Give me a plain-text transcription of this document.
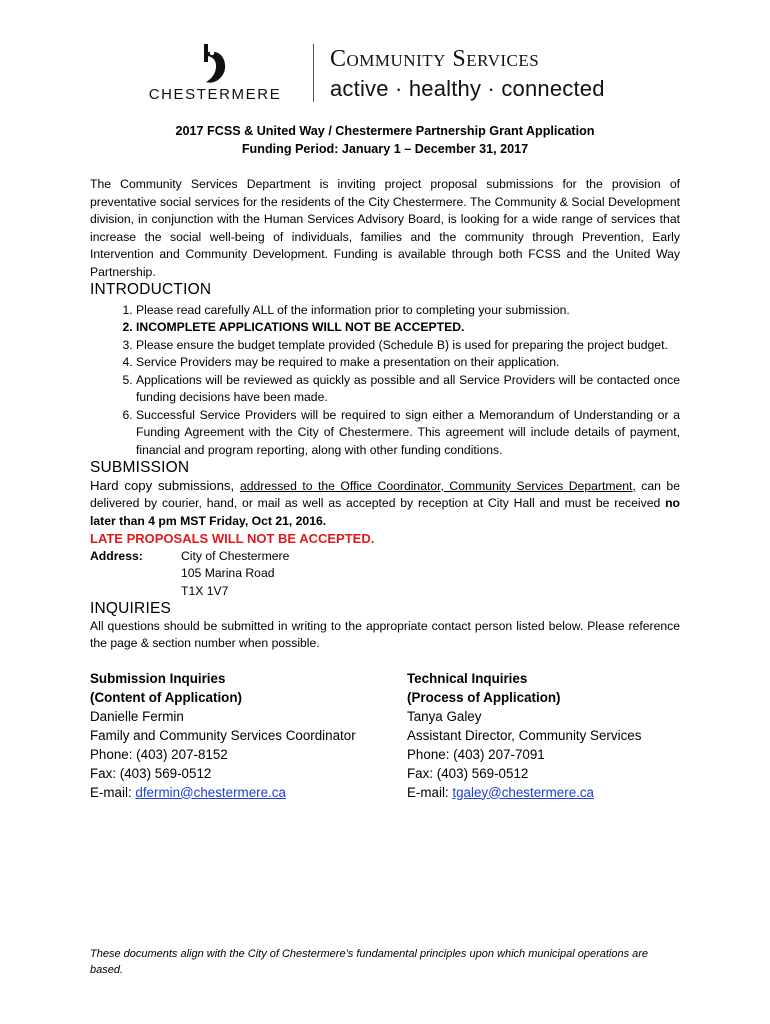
CHESTERMERE
Community Services
active · healthy · connected
2017 FCSS & United Way / Chestermere Partnership Grant Application
Funding Period: January 1 – December 31, 2017

The Community Services Department is inviting project proposal submissions for the provision of preventative social services for the residents of the City Chestermere. The Community & Social Development division, in conjunction with the Human Services Advisory Board, is looking for a wide range of services that increase the social well-being of individuals, families and the community through Prevention, Early Intervention and Community Development. Funding is available through both FCSS and the United Way Partnership.

INTRODUCTION
1. Please read carefully ALL of the information prior to completing your submission.
2. INCOMPLETE APPLICATIONS WILL NOT BE ACCEPTED.
3. Please ensure the budget template provided (Schedule B) is used for preparing the project budget.
4. Service Providers may be required to make a presentation on their application.
5. Applications will be reviewed as quickly as possible and all Service Providers will be contacted once funding decisions have been made.
6. Successful Service Providers will be required to sign either a Memorandum of Understanding or a Funding Agreement with the City of Chestermere. This agreement will include details of payment, financial and program reporting, along with other funding conditions.
SUBMISSION

Hard copy submissions, addressed to the Office Coordinator, Community Services Department, can be delivered by courier, hand, or mail as well as accepted by reception at City Hall and must be received no later than 4 pm MST Friday, Oct 21, 2016.

LATE PROPOSALS WILL NOT BE ACCEPTED.
Address:	City of Chestermere
105 Marina Road
T1X 1V7
INQUIRIES

All questions should be submitted in writing to the appropriate contact person listed below. Please reference the page & section number when possible.

Submission Inquiries
(Content of Application)
Danielle Fermin
Family and Community Services Coordinator
Phone: (403) 207-8152
Fax: (403) 569-0512
E-mail: dfermin@chestermere.ca
Technical Inquiries
(Process of Application)
Tanya Galey
Assistant Director, Community Services
Phone: (403) 207-7091
Fax: (403) 569-0512
E-mail: tgaley@chestermere.ca
These documents align with the City of Chestermere’s fundamental principles upon which municipal operations are based.
